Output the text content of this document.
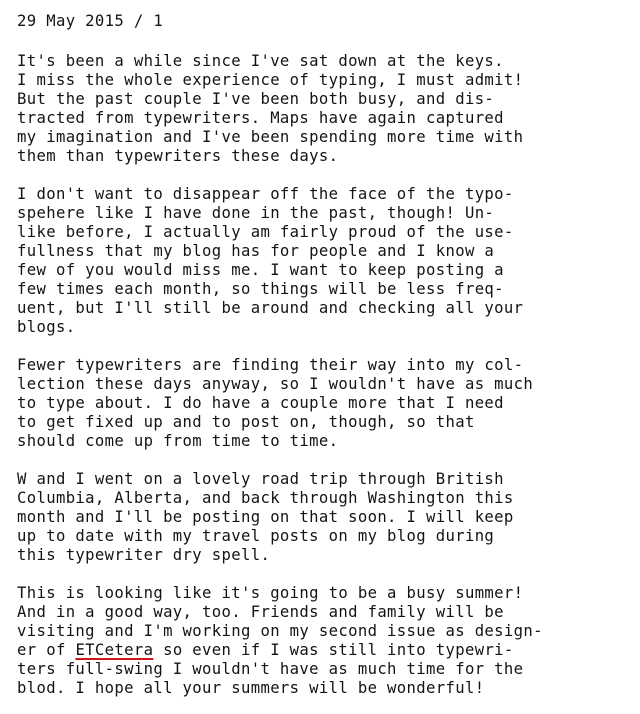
29 May 2015 / 1

It's been a while since I've sat down at the keys.

I miss the whole experience of typing, I must admit!

But the past couple I've been both busy, and dis-

tracted from typewriters. Maps have again captured

my imagination and I've been spending more time with

them than typewriters these days.

I don't want to disappear off the face of the typo-

spehere like I have done in the past, though! Un-

like before, I actually am fairly proud of the use-

fullness that my blog has for people and I know a

few of you would miss me. I want to keep posting a

few times each month, so things will be less freq-

uent, but I'll still be around and checking all your

blogs.

Fewer typewriters are finding their way into my col-

lection these days anyway, so I wouldn't have as much

to type about. I do have a couple more that I need

to get fixed up and to post on, though, so that

should come up from time to time.

W and I went on a lovely road trip through British

Columbia, Alberta, and back through Washington this

month and I'll be posting on that soon. I will keep

up to date with my travel posts on my blog during

this typewriter dry spell.

This is looking like it's going to be a busy summer!

And in a good way, too. Friends and family will be

visiting and I'm working on my second issue as design-

er of ETCetera so even if I was still into typewri-

ters full-swing I wouldn't have as much time for the

blod. I hope all your summers will be wonderful!
